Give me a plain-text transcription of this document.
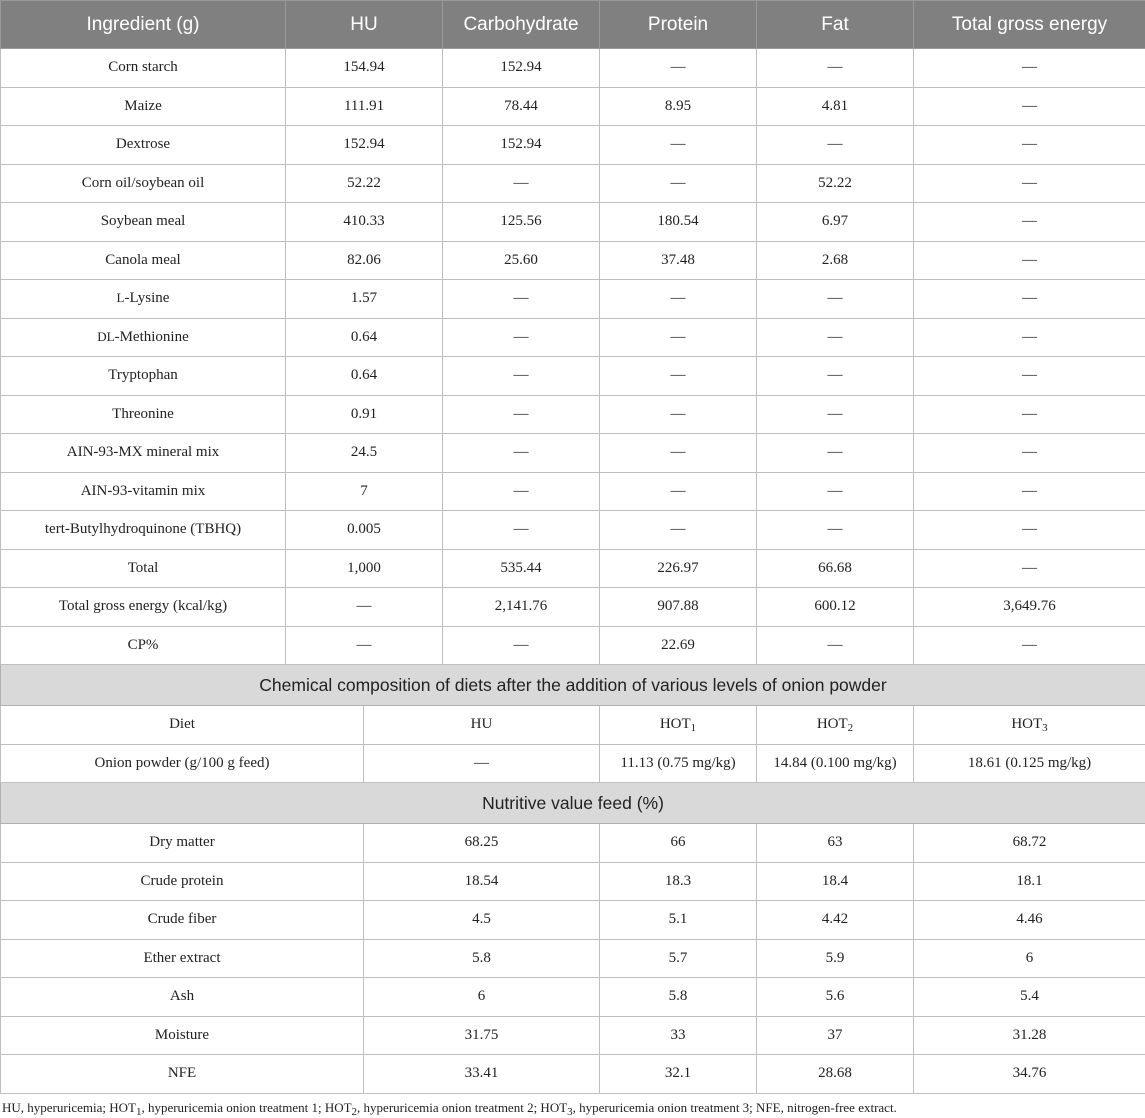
Ingredient (g)	HU		Carbohydrate	Protein	Fat	Total gross energy
Corn starch	154.94		152.94	—	—	—
Maize	111.91		78.44	8.95	4.81	—
Dextrose	152.94		152.94	—	—	—
Corn oil/soybean oil	52.22		—	—	52.22	—
Soybean meal	410.33		125.56	180.54	6.97	—
Canola meal	82.06		25.60	37.48	2.68	—
L-Lysine	1.57		—	—	—	—
DL-Methionine	0.64		—	—	—	—
Tryptophan	0.64		—	—	—	—
Threonine	0.91		—	—	—	—
AIN-93-MX mineral mix	24.5		—	—	—	—
AIN-93-vitamin mix	7		—	—	—	—
tert-Butylhydroquinone (TBHQ)	0.005		—	—	—	—
Total	1,000		535.44	226.97	66.68	—
Total gross energy (kcal/kg)	—		2,141.76	907.88	600.12	3,649.76
CP%	—		—	22.69	—	—
Chemical composition of diets after the addition of various levels of onion powder						
Diet		HU		$HOT_1$	$HOT_2$	$HOT_3$
Onion powder (g/100 g feed)		—		11.13 (0.75 mg/kg)	14.84 (0.100 mg/kg)	18.61 (0.125 mg/kg)
Nutritive value feed (%)						
Dry matter		68.25		66	63	68.72
Crude protein		18.54		18.3	18.4	18.1
Crude fiber		4.5		5.1	4.42	4.46
Ether extract		5.8		5.7	5.9	6
Ash		6		5.8	5.6	5.4
Moisture		31.75		33	37	31.28
NFE		33.41		32.1	28.68	34.76
HU, hyperuricemia; $HOT_1$, hyperuricemia onion treatment 1; $HOT_2$, hyperuricemia onion treatment 2; $HOT_3$, hyperuricemia onion treatment 3; NFE, nitrogen-free extract.
